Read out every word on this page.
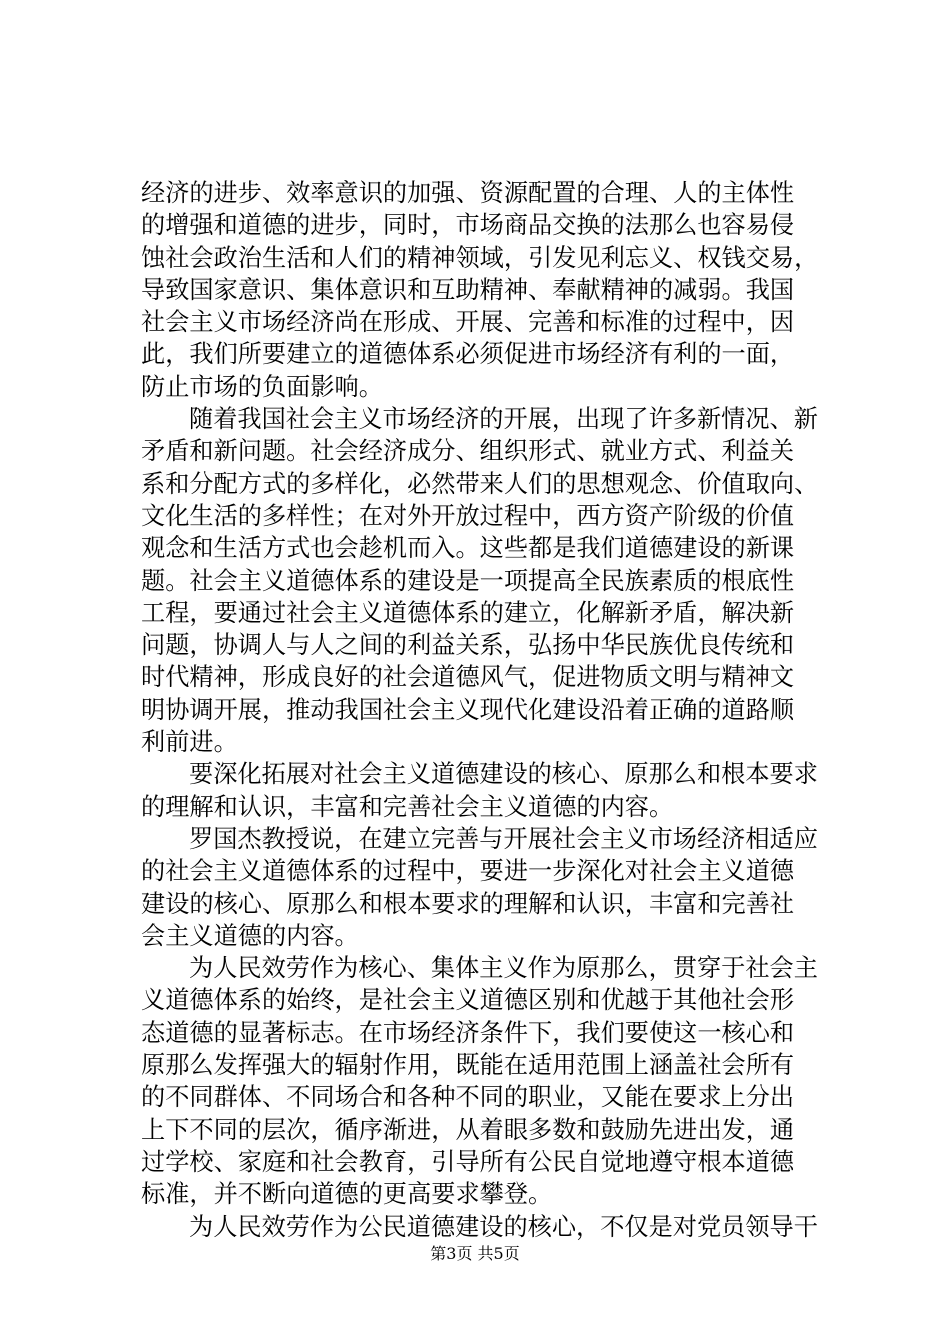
经济的进步、效率意识的加强、资源配置的合理、人的主体性
的增强和道德的进步，同时，市场商品交换的法那么也容易侵
蚀社会政治生活和人们的精神领域，引发见利忘义、权钱交易，
导致国家意识、集体意识和互助精神、奉献精神的减弱。我国
社会主义市场经济尚在形成、开展、完善和标准的过程中，因
此，我们所要建立的道德体系必须促进市场经济有利的一面，
防止市场的负面影响。

随着我国社会主义市场经济的开展，出现了许多新情况、新
矛盾和新问题。社会经济成分、组织形式、就业方式、利益关
系和分配方式的多样化，必然带来人们的思想观念、价值取向、
文化生活的多样性；在对外开放过程中，西方资产阶级的价值
观念和生活方式也会趁机而入。这些都是我们道德建设的新课
题。社会主义道德体系的建设是一项提高全民族素质的根底性
工程，要通过社会主义道德体系的建立，化解新矛盾，解决新
问题，协调人与人之间的利益关系，弘扬中华民族优良传统和
时代精神，形成良好的社会道德风气，促进物质文明与精神文
明协调开展，推动我国社会主义现代化建设沿着正确的道路顺
利前进。

要深化拓展对社会主义道德建设的核心、原那么和根本要求
的理解和认识，丰富和完善社会主义道德的内容。

罗国杰教授说，在建立完善与开展社会主义市场经济相适应
的社会主义道德体系的过程中，要进一步深化对社会主义道德
建设的核心、原那么和根本要求的理解和认识，丰富和完善社
会主义道德的内容。

为人民效劳作为核心、集体主义作为原那么，贯穿于社会主
义道德体系的始终，是社会主义道德区别和优越于其他社会形
态道德的显著标志。在市场经济条件下，我们要使这一核心和
原那么发挥强大的辐射作用，既能在适用范围上涵盖社会所有
的不同群体、不同场合和各种不同的职业，又能在要求上分出
上下不同的层次，循序渐进，从着眼多数和鼓励先进出发，通
过学校、家庭和社会教育，引导所有公民自觉地遵守根本道德
标准，并不断向道德的更高要求攀登。

为人民效劳作为公民道德建设的核心，不仅是对党员领导干

第3页 共5页
